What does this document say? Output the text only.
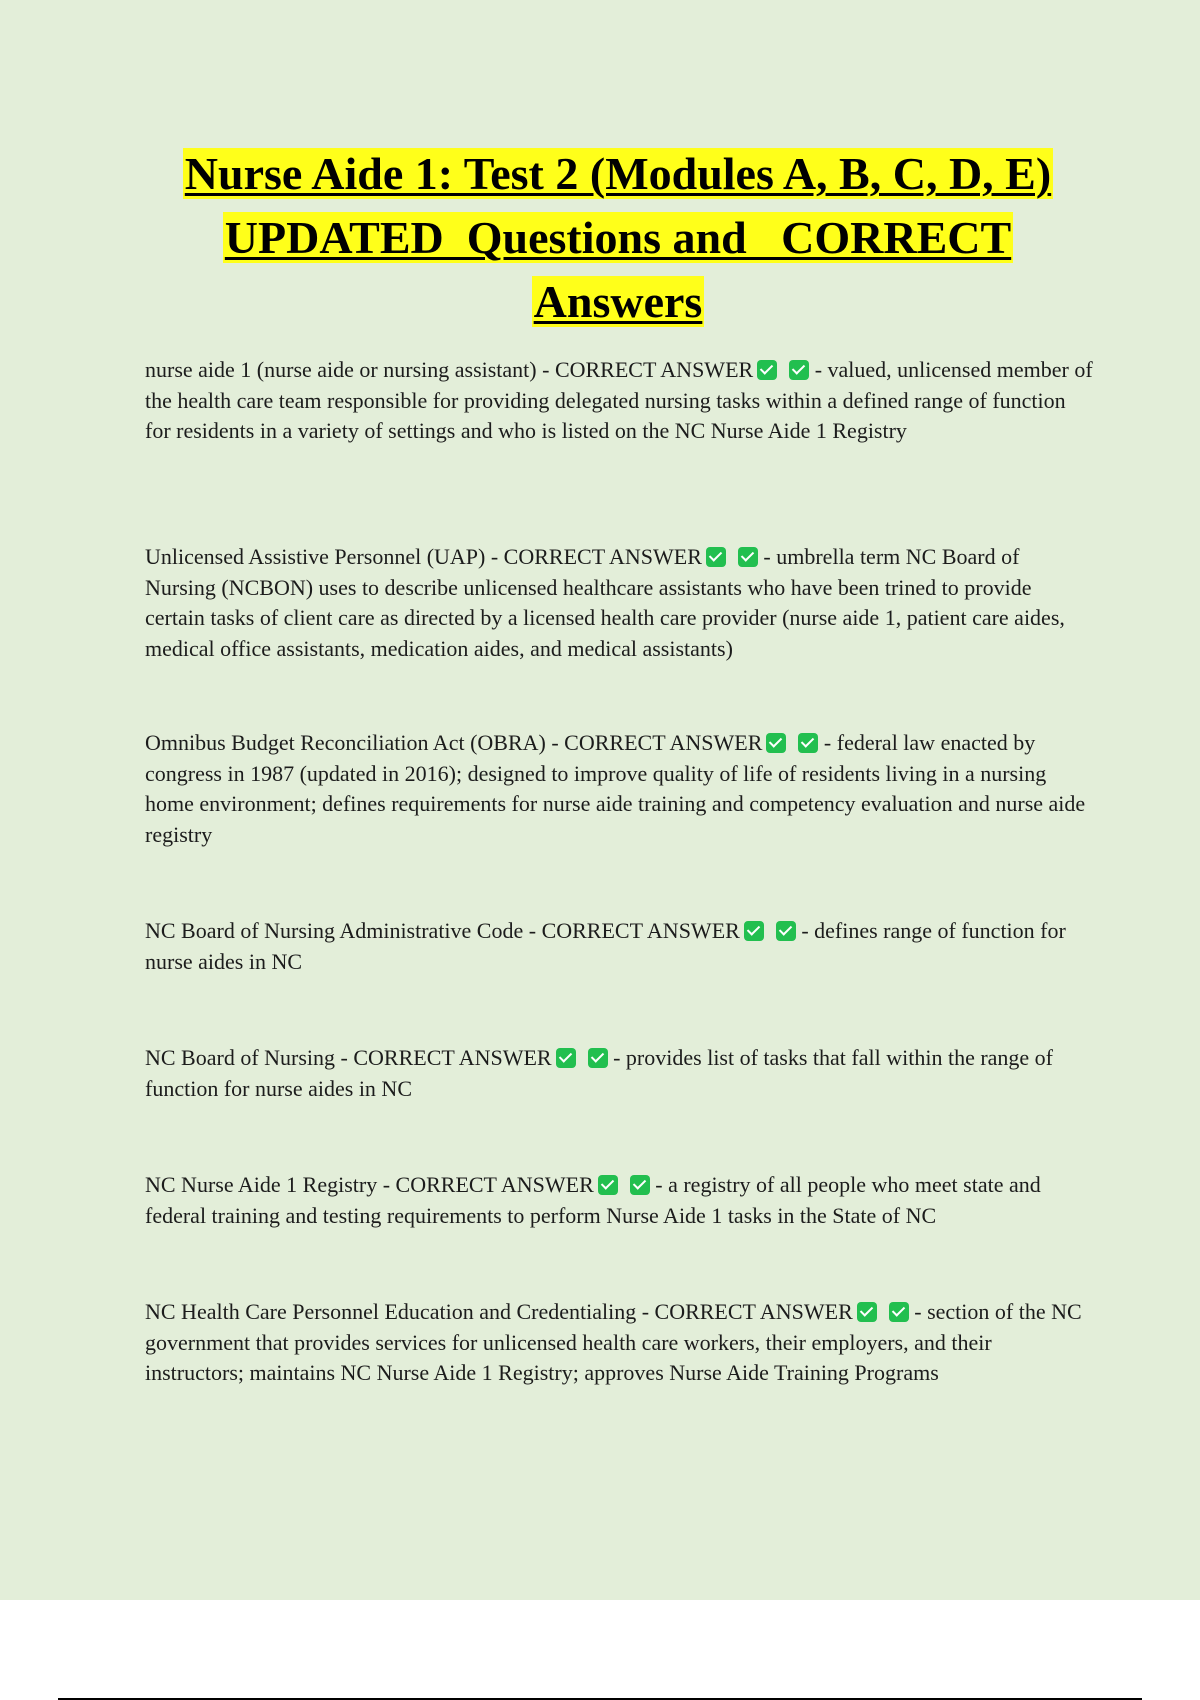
Nurse Aide 1: Test 2 (Modules A, B, C, D, E)
UPDATED  Questions and   CORRECT
Answers

nurse aide 1 (nurse aide or nursing assistant) - CORRECT ANSWER	- valued, unlicensed member of the health care team responsible for providing delegated nursing tasks within a defined range of function for residents in a variety of settings and who is listed on the NC Nurse Aide 1 Registry

Unlicensed Assistive Personnel (UAP) - CORRECT ANSWER	- umbrella term NC Board of Nursing (NCBON) uses to describe unlicensed healthcare assistants who have been trined to provide certain tasks of client care as directed by a licensed health care provider (nurse aide 1, patient care aides, medical office assistants, medication aides, and medical assistants)

Omnibus Budget Reconciliation Act (OBRA) - CORRECT ANSWER	- federal law enacted by congress in 1987 (updated in 2016); designed to improve quality of life of residents living in a nursing home environment; defines requirements for nurse aide training and competency evaluation and nurse aide registry

NC Board of Nursing Administrative Code - CORRECT ANSWER	- defines range of function for nurse aides in NC

NC Board of Nursing - CORRECT ANSWER	- provides list of tasks that fall within the range of function for nurse aides in NC

NC Nurse Aide 1 Registry - CORRECT ANSWER	- a registry of all people who meet state and federal training and testing requirements to perform Nurse Aide 1 tasks in the State of NC

NC Health Care Personnel Education and Credentialing - CORRECT ANSWER	- section of the NC government that provides services for unlicensed health care workers, their employers, and their instructors; maintains NC Nurse Aide 1 Registry; approves Nurse Aide Training Programs
